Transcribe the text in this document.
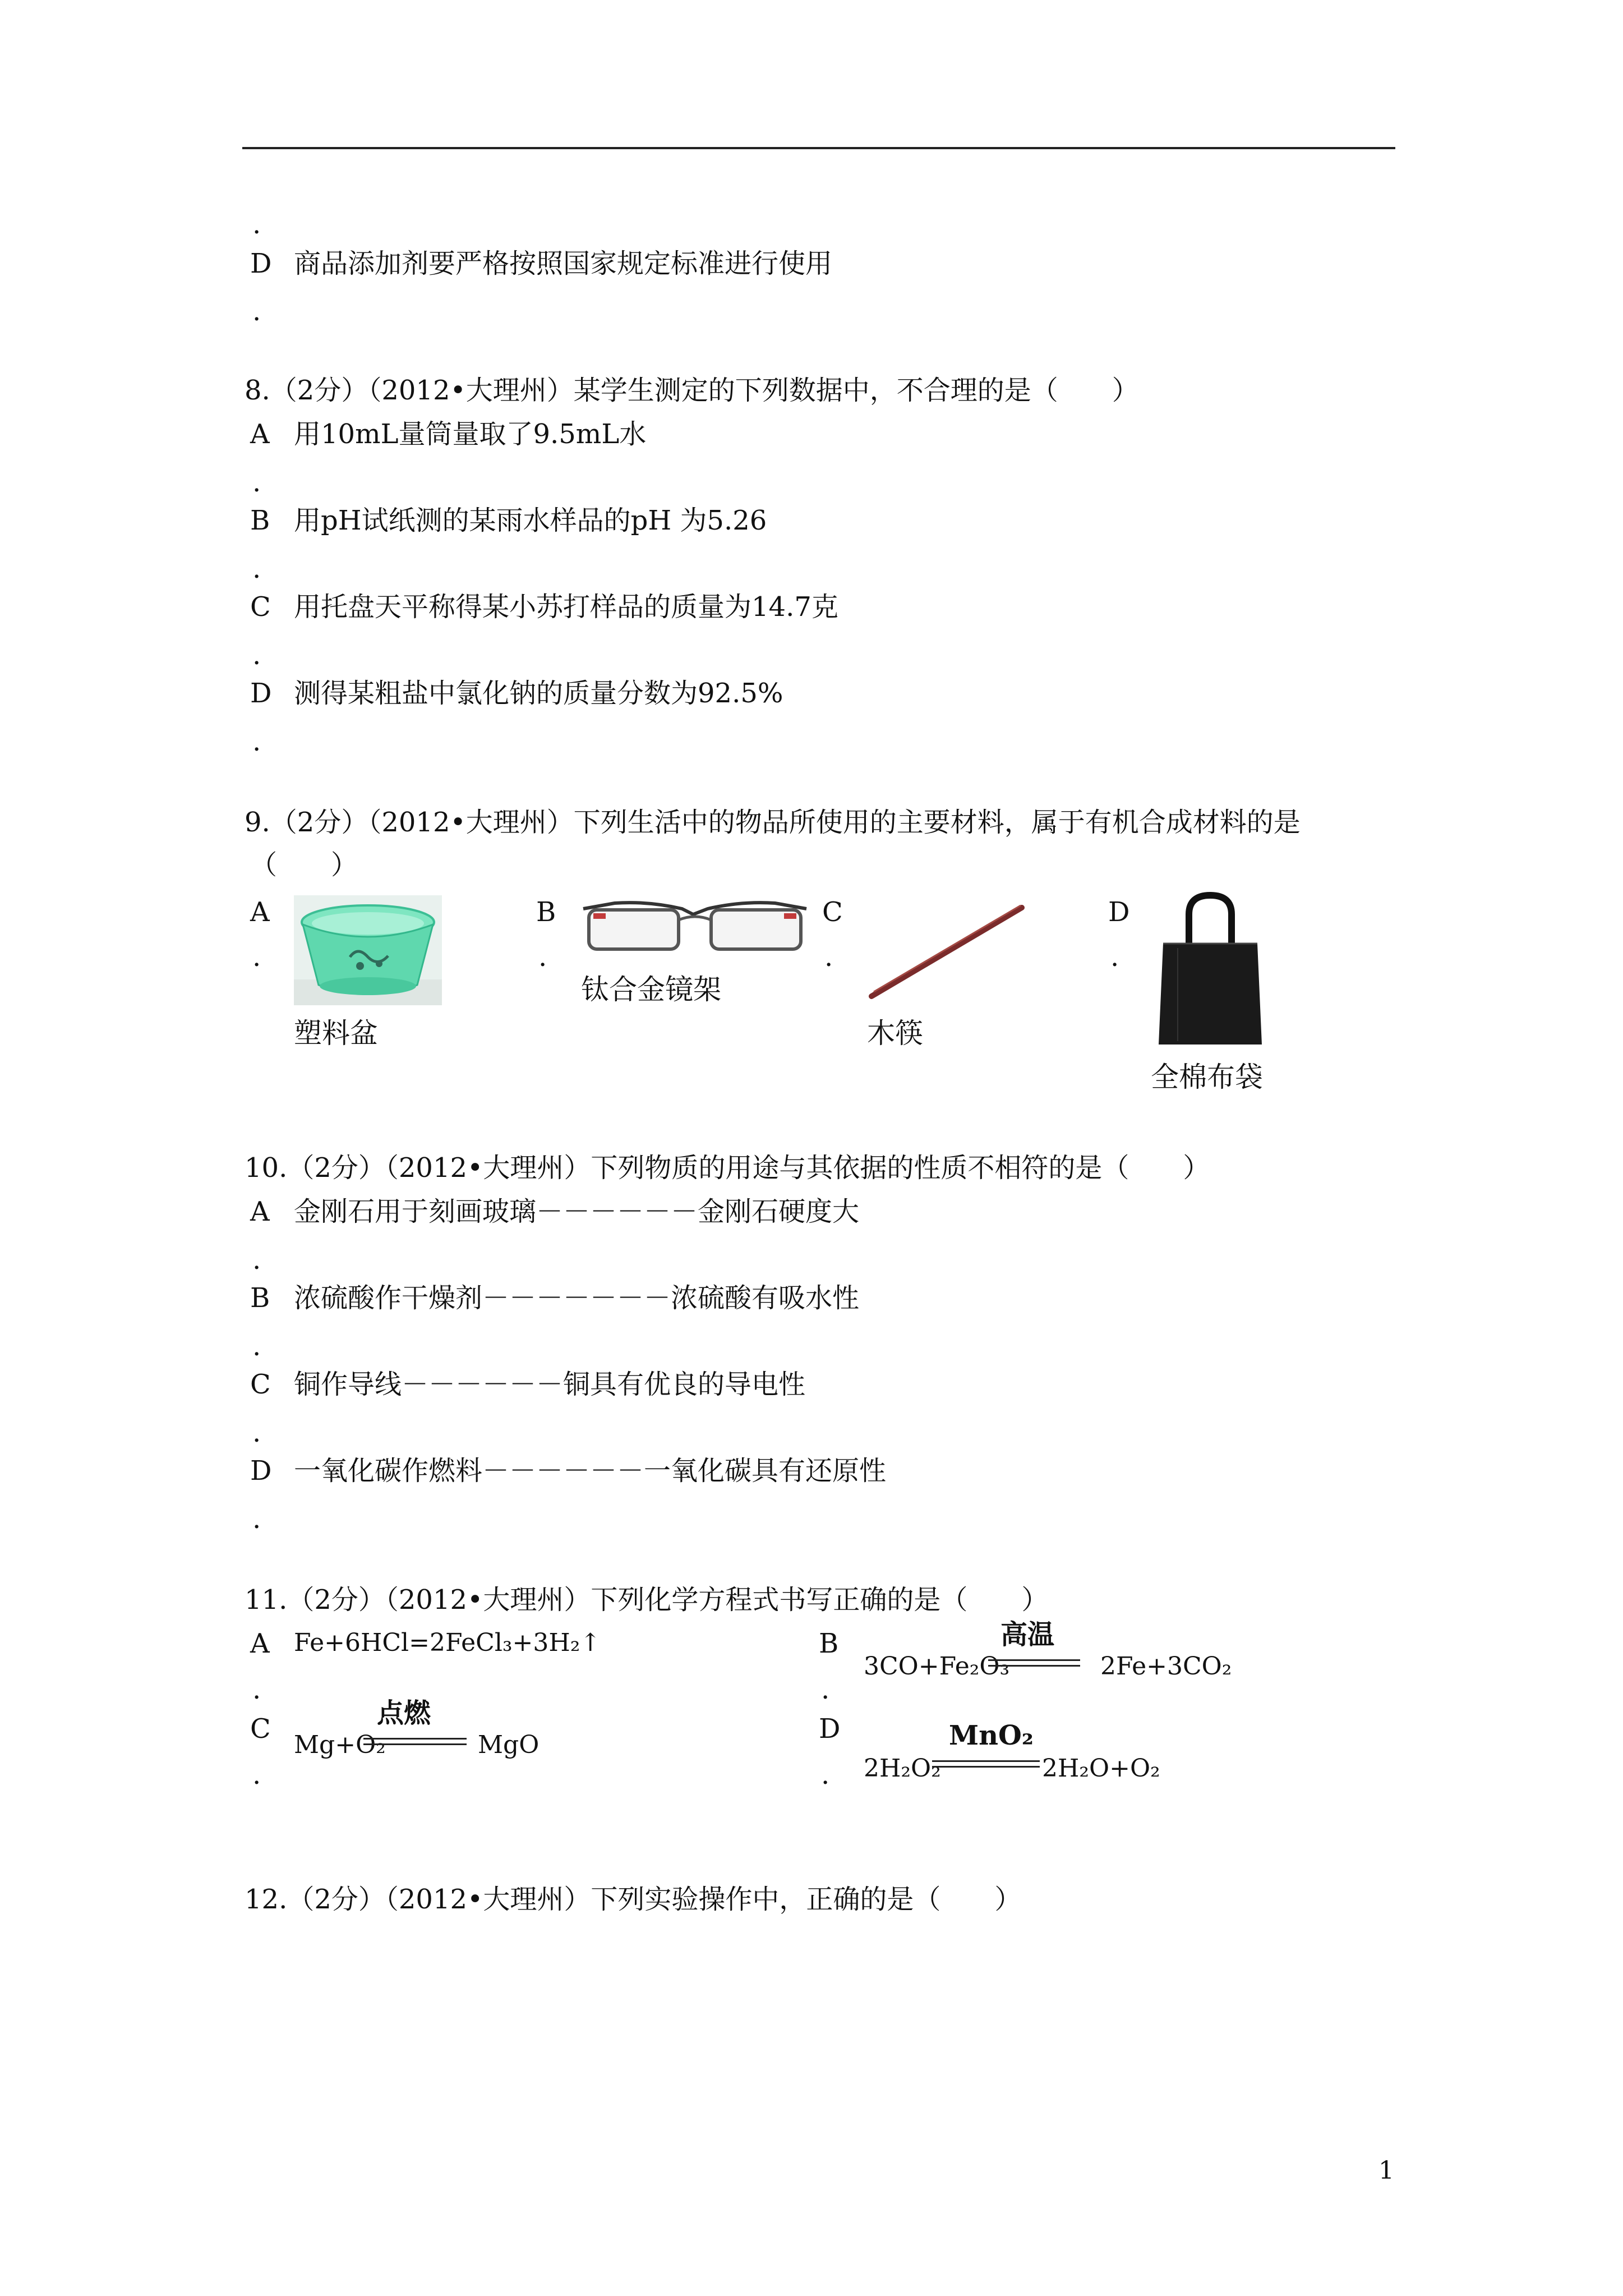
.
D 商品添加剂要严格按照国家规定标准进行使用
.
8.（2分）（2012•大理州）某学生测定的下列数据中，不合理的是（　　）
A 用10mL量筒量取了9.5mL水
.
B 用pH试纸测的某雨水样品的pH 为5.26
.
C 用托盘天平称得某小苏打样品的质量为14.7克
.
D 测得某粗盐中氯化钠的质量分数为92.5%
.
9.（2分）（2012•大理州）下列生活中的物品所使用的主要材料，属于有机合成材料的是
（　　）
A
.
塑料盆
B
.
钛合金镜架
C
.
木筷
D
.
全棉布袋
10.（2分）（2012•大理州）下列物质的用途与其依据的性质不相符的是（　　）
A 金刚石用于刻画玻璃－－－－－－金刚石硬度大
.
B 浓硫酸作干燥剂－－－－－－－浓硫酸有吸水性
.
C 铜作导线－－－－－－铜具有优良的导电性
.
D 一氧化碳作燃料－－－－－－一氧化碳具有还原性
.
11.（2分）（2012•大理州）下列化学方程式书写正确的是（　　）
A Fe+6HCl=2FeCl₃+3H₂↑
.
B
.
3CO+Fe₂O₃
高温
2Fe+3CO₂
C
.
Mg+O₂
点燃
MgO
D
. 2H₂O₂
MnO₂
2H₂O+O₂
12.（2分）（2012•大理州）下列实验操作中，正确的是（　　）
1
